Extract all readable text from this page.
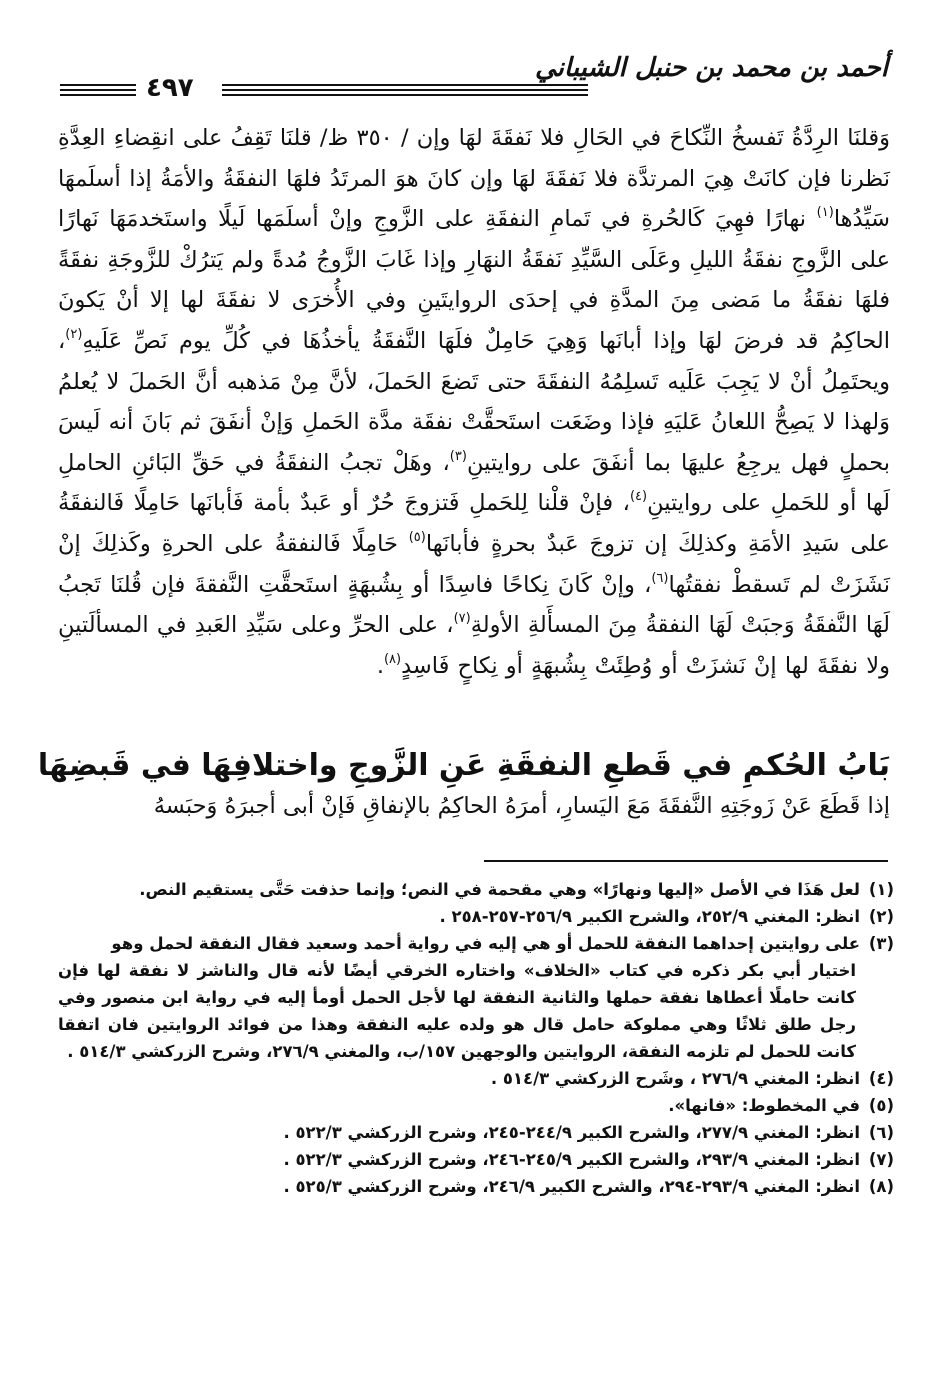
أحمد بن محمد بن حنبل الشيباني
٤٩٧

وَقلنَا الرِدَّةُ تَفسخُ النِّكاحَ في الحَالِ فلا نَفقَةَ لهَا وإن / ٣٥٠ ظ/ قلنَا تَقِفُ على انقِضاءِ العِدَّةِ نَظرنا فإن كانَتْ هِيَ المرتدَّة فلا نَفقَةَ لهَا وإن كانَ هوَ المرتَدُ فلهَا النفقَةُ والأمَةُ إذا أسلَمهَا سَيِّدُها$^{(١)}$ نهارًا فهِيَ كَالحُرةِ في تَمامِ النفقَةِ على الزَّوجِ وإنْ أسلَمَها لَيلًا واستَخدمَهَا نَهارًا على الزَّوجِ نفقَةُ الليلِ وعَلَى السَّيِّدِ نَفقَةُ النهَارِ وإذا غَابَ الزَّوجُ مُدةً ولم يَترُكْ للزَّوجَةِ نفقَةً فلهَا نفقَةُ ما مَضى مِنَ المدَّةِ في إحدَى الروايتَينِ وفي الأُخرَى لا نفقَةَ لها إلا أنْ يَكونَ الحاكِمُ قد فرضَ لهَا وإذا أبانَها وَهِيَ حَامِلٌ فلَهَا النَّفقَةُ يأخذُهَا في كُلِّ يوم نَصِّ عَلَيهِ$^{(٢)}$، ويحتَمِلُ أنْ لا يَجِبَ عَلَيه تَسلِمُهُ النفقَةَ حتى تَضعَ الحَملَ، لأنَّ مِنْ مَذهبه أنَّ الحَملَ لا يُعلمُ وَلهذا لا يَصِحُّ اللعانُ عَليَهِ فإذا وضَعَت استَحقَّتْ نفقَة مدَّة الحَملِ وَإنْ أنفَقَ ثم بَانَ أنه لَيسَ بحملٍ فهل يرجِعُ عليهَا بما أنفَقَ على روايتينِ$^{(٣)}$، وهَلْ تجبُ النفقَةُ في حَقِّ البَائنِ الحاملِ لَها أو للحَملِ على روايتينِ$^{(٤)}$، فإنْ قلْنا لِلحَملِ فَتزوجَ حُرٌ أو عَبدٌ بأمة فَأبانَها حَامِلًا فَالنفقَةُ على سَيدِ الأمَةِ وكذلِكَ إن تزوجَ عَبدٌ بحرةٍ فأبانَها$^{(٥)}$ حَامِلًا فَالنفقةُ على الحرةِ وكَذلِكَ إنْ نَشَزَتْ لم تَسقطْ نفقتُها$^{(٦)}$، وإنْ كَانَ نِكاحًا فاسِدًا أو بِشُبهَةٍ استَحقَّتِ النَّفقةَ فإن قُلنَا تَجبُ لَهَا النَّفقَةُ وَجبَتْ لَهَا النفقةُ مِنَ المسأَلةِ الأولةِ$^{(٧)}$، على الحرِّ وعلى سَيِّدِ العَبدِ في المسألَتينِ ولا نفقَةَ لها إنْ نَشزَتْ أو وُطِئَتْ بِشُبهَةٍ أو نِكاحٍ فَاسِدٍ$^{(٨)}$.

بَابُ الحُكمِ في قَطعِ النفقَةِ عَنِ الزَّوجِ واختلافِهَا في قَبضِهَا
إذا قَطَعَ عَنْ زَوجَتِهِ النَّفقَةَ مَعَ اليَسارِ، أمرَهُ الحاكِمُ بالإنفاقِ فَإنْ أبى أجبرَهُ وَحبَسهُ

(١)لعل هَذَا في الأصل «إليها ونهارًا» وهي مقحمة في النص؛ وإنما حذفت حَتَّى يستقيم النص.

(٢)انظر: المغني ٢٥٢/٩، والشرح الكبير ٢٥٦/٩-٢٥٧-٢٥٨ .

(٣)على روايتين إحداهما النفقة للحمل أو هي إليه في رواية أحمد وسعيد فقال النفقة لحمل وهو
اختيار أبي بكر ذكره في كتاب «الخلاف» واختاره الخرقي أيضًا لأنه قال والناشز لا نفقة لها فإن كانت حاملًا أعطاها نفقة حملها والثانية النفقة لها لأجل الحمل أومأ إليه في رواية ابن منصور وفي رجل طلق ثلاثًا وهي مملوكة حامل قال هو ولده عليه النفقة وهذا من فوائد الروايتين فان اتفقا كانت للحمل لم تلزمه النفقة، الروايتين والوجهين ١٥٧/ب، والمغني ٢٧٦/٩، وشرح الزركشي ٥١٤/٣ .

(٤)انظر: المغني ٢٧٦/٩ ، وشَرح الزركشي ٥١٤/٣ .

(٥)في المخطوط: «فانها».

(٦)انظر: المغني ٢٧٧/٩، والشرح الكبير ٢٤٤/٩-٢٤٥، وشرح الزركشي ٥٢٢/٣ .

(٧)انظر: المغني ٢٩٣/٩، والشرح الكبير ٢٤٥/٩-٢٤٦، وشرح الزركشي ٥٢٢/٣ .

(٨)انظر: المغني ٢٩٣/٩-٢٩٤، والشرح الكبير ٢٤٦/٩، وشرح الزركشي ٥٢٥/٣ .
